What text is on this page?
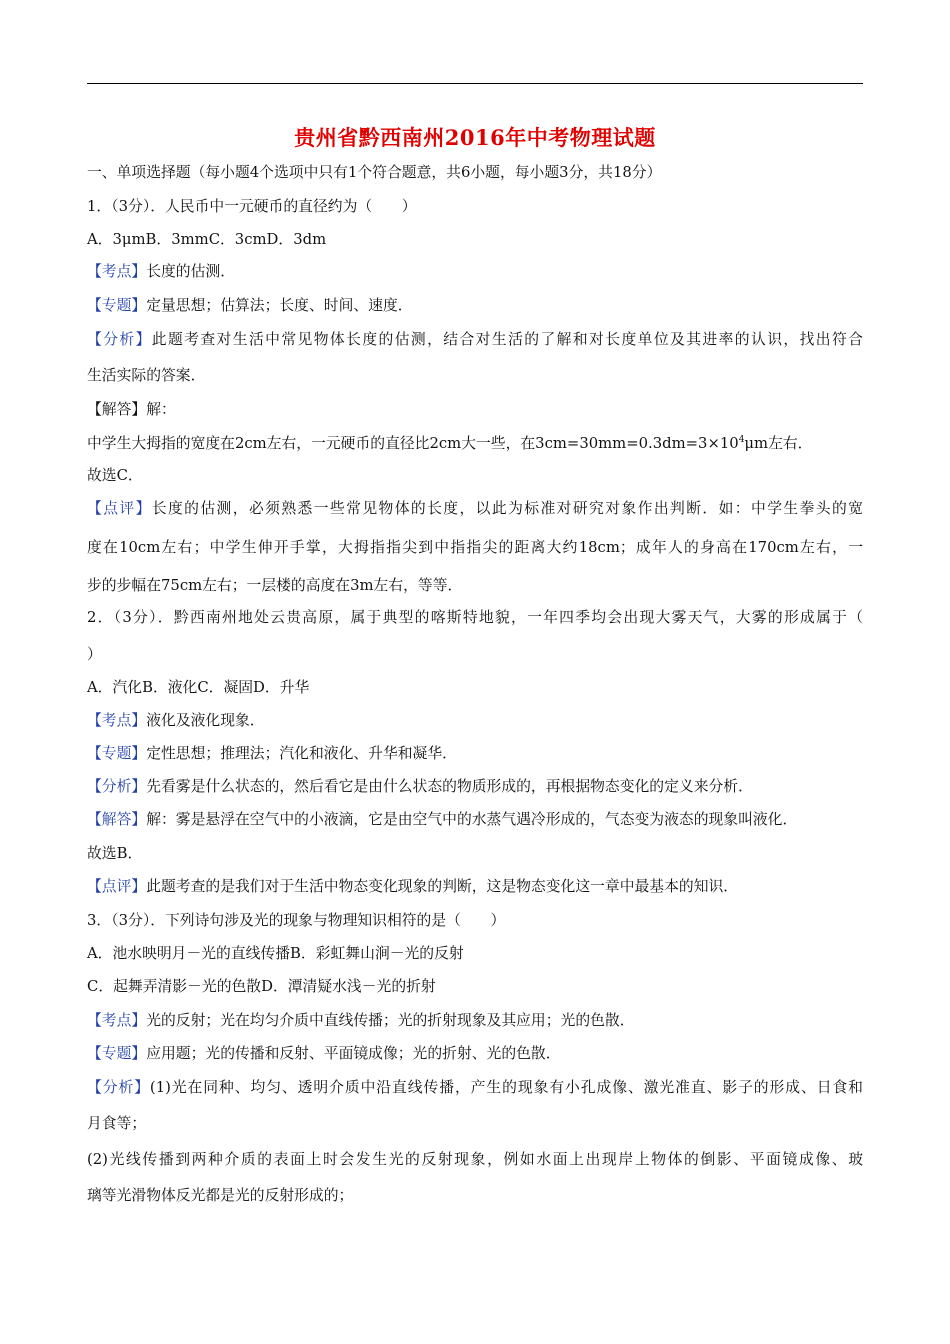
贵州省黔西南州2016年中考物理试题
一、单项选择题（每小题4个选项中只有1个符合题意，共6小题，每小题3分，共18分）
1．（3分）．人民币中一元硬币的直径约为（　　）
A．3μmB．3mmC．3cmD．3dm
【考点】长度的估测．
【专题】定量思想；估算法；长度、时间、速度．
【分析】此题考查对生活中常见物体长度的估测，结合对生活的了解和对长度单位及其进率的认识，找出符合
生活实际的答案．
【解答】解：
中学生大拇指的宽度在2cm左右，一元硬币的直径比2cm大一些，在$3cm=30mm=0.3dm=3\times 10^4\mu m$左右．
故选C．
【点评】长度的估测，必须熟悉一些常见物体的长度，以此为标准对研究对象作出判断．如：中学生拳头的宽
度在10cm左右；中学生伸开手掌，大拇指指尖到中指指尖的距离大约18cm；成年人的身高在170cm左右，一
步的步幅在75cm左右；一层楼的高度在3m左右，等等．
2．（3分）．黔西南州地处云贵高原，属于典型的喀斯特地貌，一年四季均会出现大雾天气，大雾的形成属于（
）
A．汽化B．液化C．凝固D．升华
【考点】液化及液化现象．
【专题】定性思想；推理法；汽化和液化、升华和凝华．
【分析】先看雾是什么状态的，然后看它是由什么状态的物质形成的，再根据物态变化的定义来分析．
【解答】解：雾是悬浮在空气中的小液滴，它是由空气中的水蒸气遇冷形成的，气态变为液态的现象叫液化．
故选B．
【点评】此题考查的是我们对于生活中物态变化现象的判断，这是物态变化这一章中最基本的知识．
3．（3分）．下列诗句涉及光的现象与物理知识相符的是（　　）
A．池水映明月－光的直线传播B．彩虹舞山涧－光的反射
C．起舞弄清影－光的色散D．潭清疑水浅－光的折射
【考点】光的反射；光在均匀介质中直线传播；光的折射现象及其应用；光的色散．
【专题】应用题；光的传播和反射、平面镜成像；光的折射、光的色散．
【分析】(1)光在同种、均匀、透明介质中沿直线传播，产生的现象有小孔成像、激光准直、影子的形成、日食和
月食等；
(2)光线传播到两种介质的表面上时会发生光的反射现象，例如水面上出现岸上物体的倒影、平面镜成像、玻
璃等光滑物体反光都是光的反射形成的；
